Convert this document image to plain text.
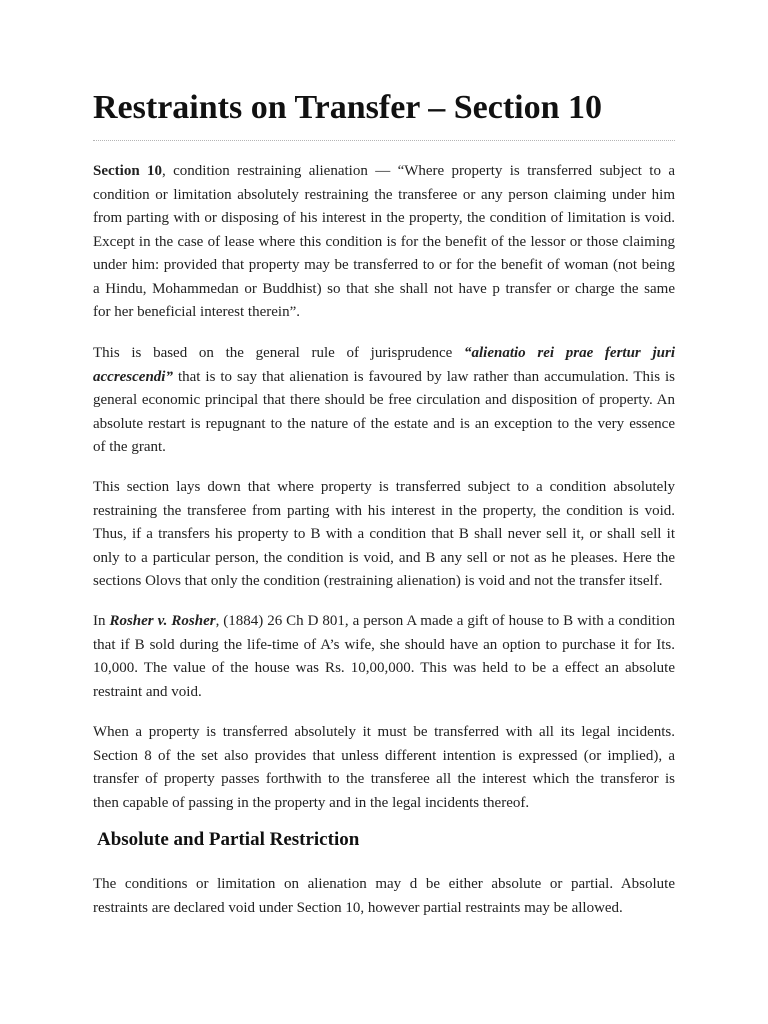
Restraints on Transfer – Section 10
Section 10, condition restraining alienation — “Where property is transferred subject to a
condition or limitation absolutely restraining the transferee or any person claiming under him
from parting with or disposing of his interest in the property, the condition of limitation is void.
Except in the case of lease where this condition is for the benefit of the lessor or those claiming
under him: provided that property may be transferred to or for the benefit of woman (not being
a Hindu, Mohammedan or Buddhist) so that she shall not have p transfer or charge the same
for her beneficial interest therein”.
This is based on the general rule of jurisprudence “alienatio rei prae fertur juri
accrescendi” that is to say that alienation is favoured by law rather than accumulation. This is
general economic principal that there should be free circulation and disposition of property. An
absolute restart is repugnant to the nature of the estate and is an exception to the very essence
of the grant.
This section lays down that where property is transferred subject to a condition absolutely
restraining the transferee from parting with his interest in the property, the condition is void.
Thus, if a transfers his property to B with a condition that B shall never sell it, or shall sell it
only to a particular person, the condition is void, and B any sell or not as he pleases. Here the
sections Olovs that only the condition (restraining alienation) is void and not the transfer itself.
In Rosher v. Rosher, (1884) 26 Ch D 801, a person A made a gift of house to B with a condition
that if B sold during the life-time of A’s wife, she should have an option to purchase it for Its.
10,000. The value of the house was Rs. 10,00,000. This was held to be a effect an absolute
restraint and void.
When a property is transferred absolutely it must be transferred with all its legal incidents.
Section 8 of the set also provides that unless different intention is expressed (or implied), a
transfer of property passes forthwith to the transferee all the interest which the transferor is
then capable of passing in the property and in the legal incidents thereof.
Absolute and Partial Restriction
The conditions or limitation on alienation may d be either absolute or partial. Absolute
restraints are declared void under Section 10, however partial restraints may be allowed.
